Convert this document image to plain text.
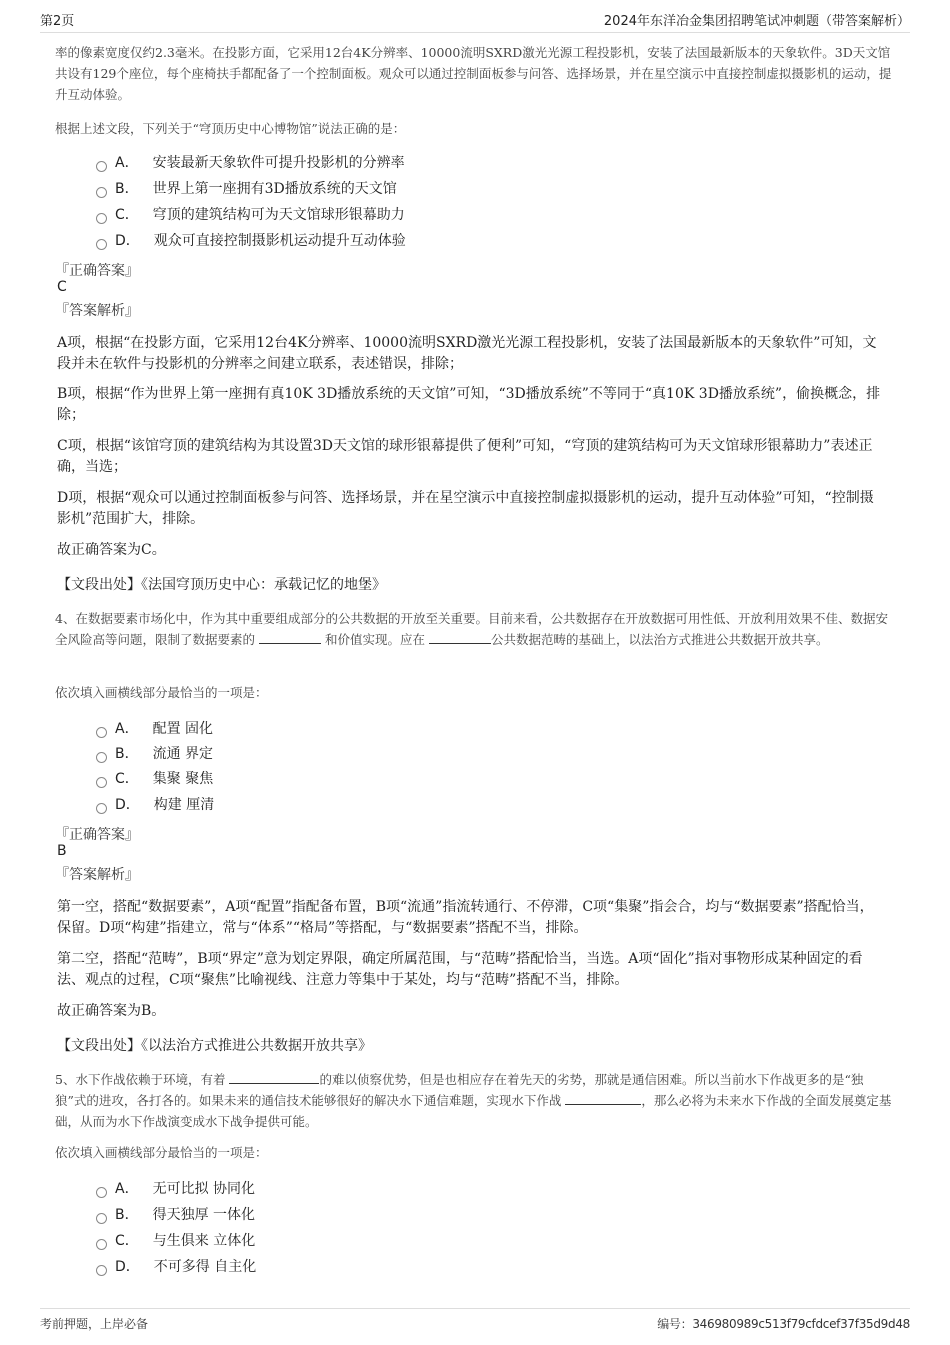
第2页	2024年东洋冶金集团招聘笔试冲刺题（带答案解析）
率的像素宽度仅约2.3毫米。在投影方面，它采用12台4K分辨率、10000流明SXRD激光光源工程投影机，安装了法国最新版本的天象软件。3D天文馆共设有129个座位，每个座椅扶手都配备了一个控制面板。观众可以通过控制面板参与问答、选择场景，并在星空演示中直接控制虚拟摄影机的运动，提升互动体验。
根据上述文段，下列关于“穹顶历史中心博物馆”说法正确的是：
A． 安装最新天象软件可提升投影机的分辨率
B． 世界上第一座拥有3D播放系统的天文馆
C． 穹顶的建筑结构可为天文馆球形银幕助力
D． 观众可直接控制摄影机运动提升互动体验
『正确答案』
C
『答案解析』
A项，根据“在投影方面，它采用12台4K分辨率、10000流明SXRD激光光源工程投影机，安装了法国最新版本的天象软件”可知，文段并未在软件与投影机的分辨率之间建立联系，表述错误，排除；
B项，根据“作为世界上第一座拥有真10K 3D播放系统的天文馆”可知，“3D播放系统”不等同于“真10K 3D播放系统”，偷换概念，排除；
C项，根据“该馆穹顶的建筑结构为其设置3D天文馆的球形银幕提供了便利”可知，“穹顶的建筑结构可为天文馆球形银幕助力”表述正确，当选；
D项，根据“观众可以通过控制面板参与问答、选择场景，并在星空演示中直接控制虚拟摄影机的运动，提升互动体验”可知，“控制摄影机”范围扩大，排除。
故正确答案为C。
【文段出处】《法国穹顶历史中心：承载记忆的地堡》
4、在数据要素市场化中，作为其中重要组成部分的公共数据的开放至关重要。目前来看，公共数据存在开放数据可用性低、开放利用效果不佳、数据安全风险高等问题，限制了数据要素的	和价值实现。应在	公共数据范畴的基础上，以法治方式推进公共数据开放共享。
依次填入画横线部分最恰当的一项是：
A． 配置 固化
B． 流通 界定
C． 集聚 聚焦
D． 构建 厘清
『正确答案』
B
『答案解析』
第一空，搭配“数据要素”，A项“配置”指配备布置，B项“流通”指流转通行、不停滞，C项“集聚”指会合，均与“数据要素”搭配恰当，保留。D项“构建”指建立，常与“体系”“格局”等搭配，与“数据要素”搭配不当，排除。
第二空，搭配“范畴”，B项“界定”意为划定界限，确定所属范围，与“范畴”搭配恰当，当选。A项“固化”指对事物形成某种固定的看法、观点的过程，C项“聚焦”比喻视线、注意力等集中于某处，均与“范畴”搭配不当，排除。
故正确答案为B。
【文段出处】《以法治方式推进公共数据开放共享》
5、水下作战依赖于环境，有着	的难以侦察优势，但是也相应存在着先天的劣势，那就是通信困难。所以当前水下作战更多的是“独狼”式的进攻，各打各的。如果未来的通信技术能够很好的解决水下通信难题，实现水下作战	，那么必将为未来水下作战的全面发展奠定基础，从而为水下作战演变成水下战争提供可能。
依次填入画横线部分最恰当的一项是：
A． 无可比拟 协同化
B． 得天独厚 一体化
C． 与生俱来 立体化
D． 不可多得 自主化
考前押题，上岸必备	编号：346980989c513f79cfdcef37f35d9d48
